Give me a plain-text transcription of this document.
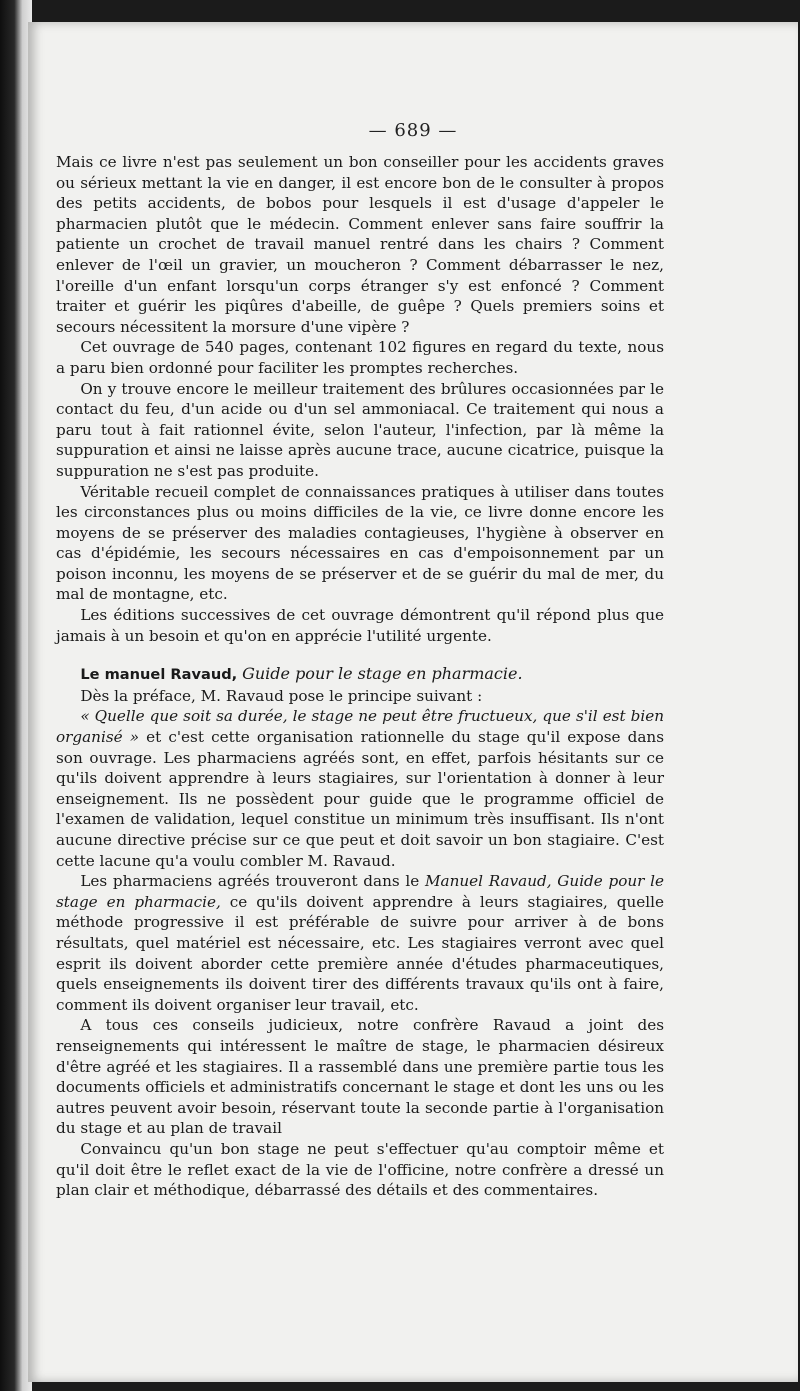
— 689 —

Mais ce livre n'est pas seulement un bon conseiller pour les accidents graves ou sérieux mettant la vie en danger, il est encore bon de le consulter à propos des petits accidents, de bobos pour lesquels il est d'usage d'appeler le pharmacien plutôt que le médecin. Comment enlever sans faire souffrir la patiente un crochet de travail manuel rentré dans les chairs ? Comment enlever de l'œil un gravier, un moucheron ? Comment débarrasser le nez, l'oreille d'un enfant lorsqu'un corps étranger s'y est enfoncé ? Comment traiter et guérir les piqûres d'abeille, de guêpe ? Quels premiers soins et secours nécessitent la morsure d'une vipère ?

Cet ouvrage de 540 pages, contenant 102 figures en regard du texte, nous a paru bien ordonné pour faciliter les promptes recherches.

On y trouve encore le meilleur traitement des brûlures occasionnées par le contact du feu, d'un acide ou d'un sel ammoniacal. Ce traitement qui nous a paru tout à fait rationnel évite, selon l'auteur, l'infection, par là même la suppuration et ainsi ne laisse après aucune trace, aucune cicatrice, puisque la suppuration ne s'est pas produite.

Véritable recueil complet de connaissances pratiques à utiliser dans toutes les circonstances plus ou moins difficiles de la vie, ce livre donne encore les moyens de se préserver des maladies contagieuses, l'hygiène à observer en cas d'épidémie, les secours nécessaires en cas d'empoisonnement par un poison inconnu, les moyens de se préserver et de se guérir du mal de mer, du mal de montagne, etc.

Les éditions successives de cet ouvrage démontrent qu'il répond plus que jamais à un besoin et qu'on en apprécie l'utilité urgente.

Le manuel Ravaud, Guide pour le stage en pharmacie.

Dès la préface, M. Ravaud pose le principe suivant :

« Quelle que soit sa durée, le stage ne peut être fructueux, que s'il est bien organisé » et c'est cette organisation rationnelle du stage qu'il expose dans son ouvrage. Les pharmaciens agréés sont, en effet, parfois hésitants sur ce qu'ils doivent apprendre à leurs stagiaires, sur l'orientation à donner à leur enseignement. Ils ne possèdent pour guide que le programme officiel de l'examen de validation, lequel constitue un minimum très insuffisant. Ils n'ont aucune directive précise sur ce que peut et doit savoir un bon stagiaire. C'est cette lacune qu'a voulu combler M. Ravaud.

Les pharmaciens agréés trouveront dans le Manuel Ravaud, Guide pour le stage en pharmacie, ce qu'ils doivent apprendre à leurs stagiaires, quelle méthode progressive il est préférable de suivre pour arriver à de bons résultats, quel matériel est nécessaire, etc. Les stagiaires verront avec quel esprit ils doivent aborder cette première année d'études pharmaceutiques, quels enseignements ils doivent tirer des différents travaux qu'ils ont à faire, comment ils doivent organiser leur travail, etc.

A tous ces conseils judicieux, notre confrère Ravaud a joint des renseignements qui intéressent le maître de stage, le pharmacien désireux d'être agréé et les stagiaires. Il a rassemblé dans une première partie tous les documents officiels et administratifs concernant le stage et dont les uns ou les autres peuvent avoir besoin, réservant toute la seconde partie à l'organisation du stage et au plan de travail

Convaincu qu'un bon stage ne peut s'effectuer qu'au comptoir même et qu'il doit être le reflet exact de la vie de l'officine, notre confrère a dressé un plan clair et méthodique, débarrassé des détails et des commentaires.
